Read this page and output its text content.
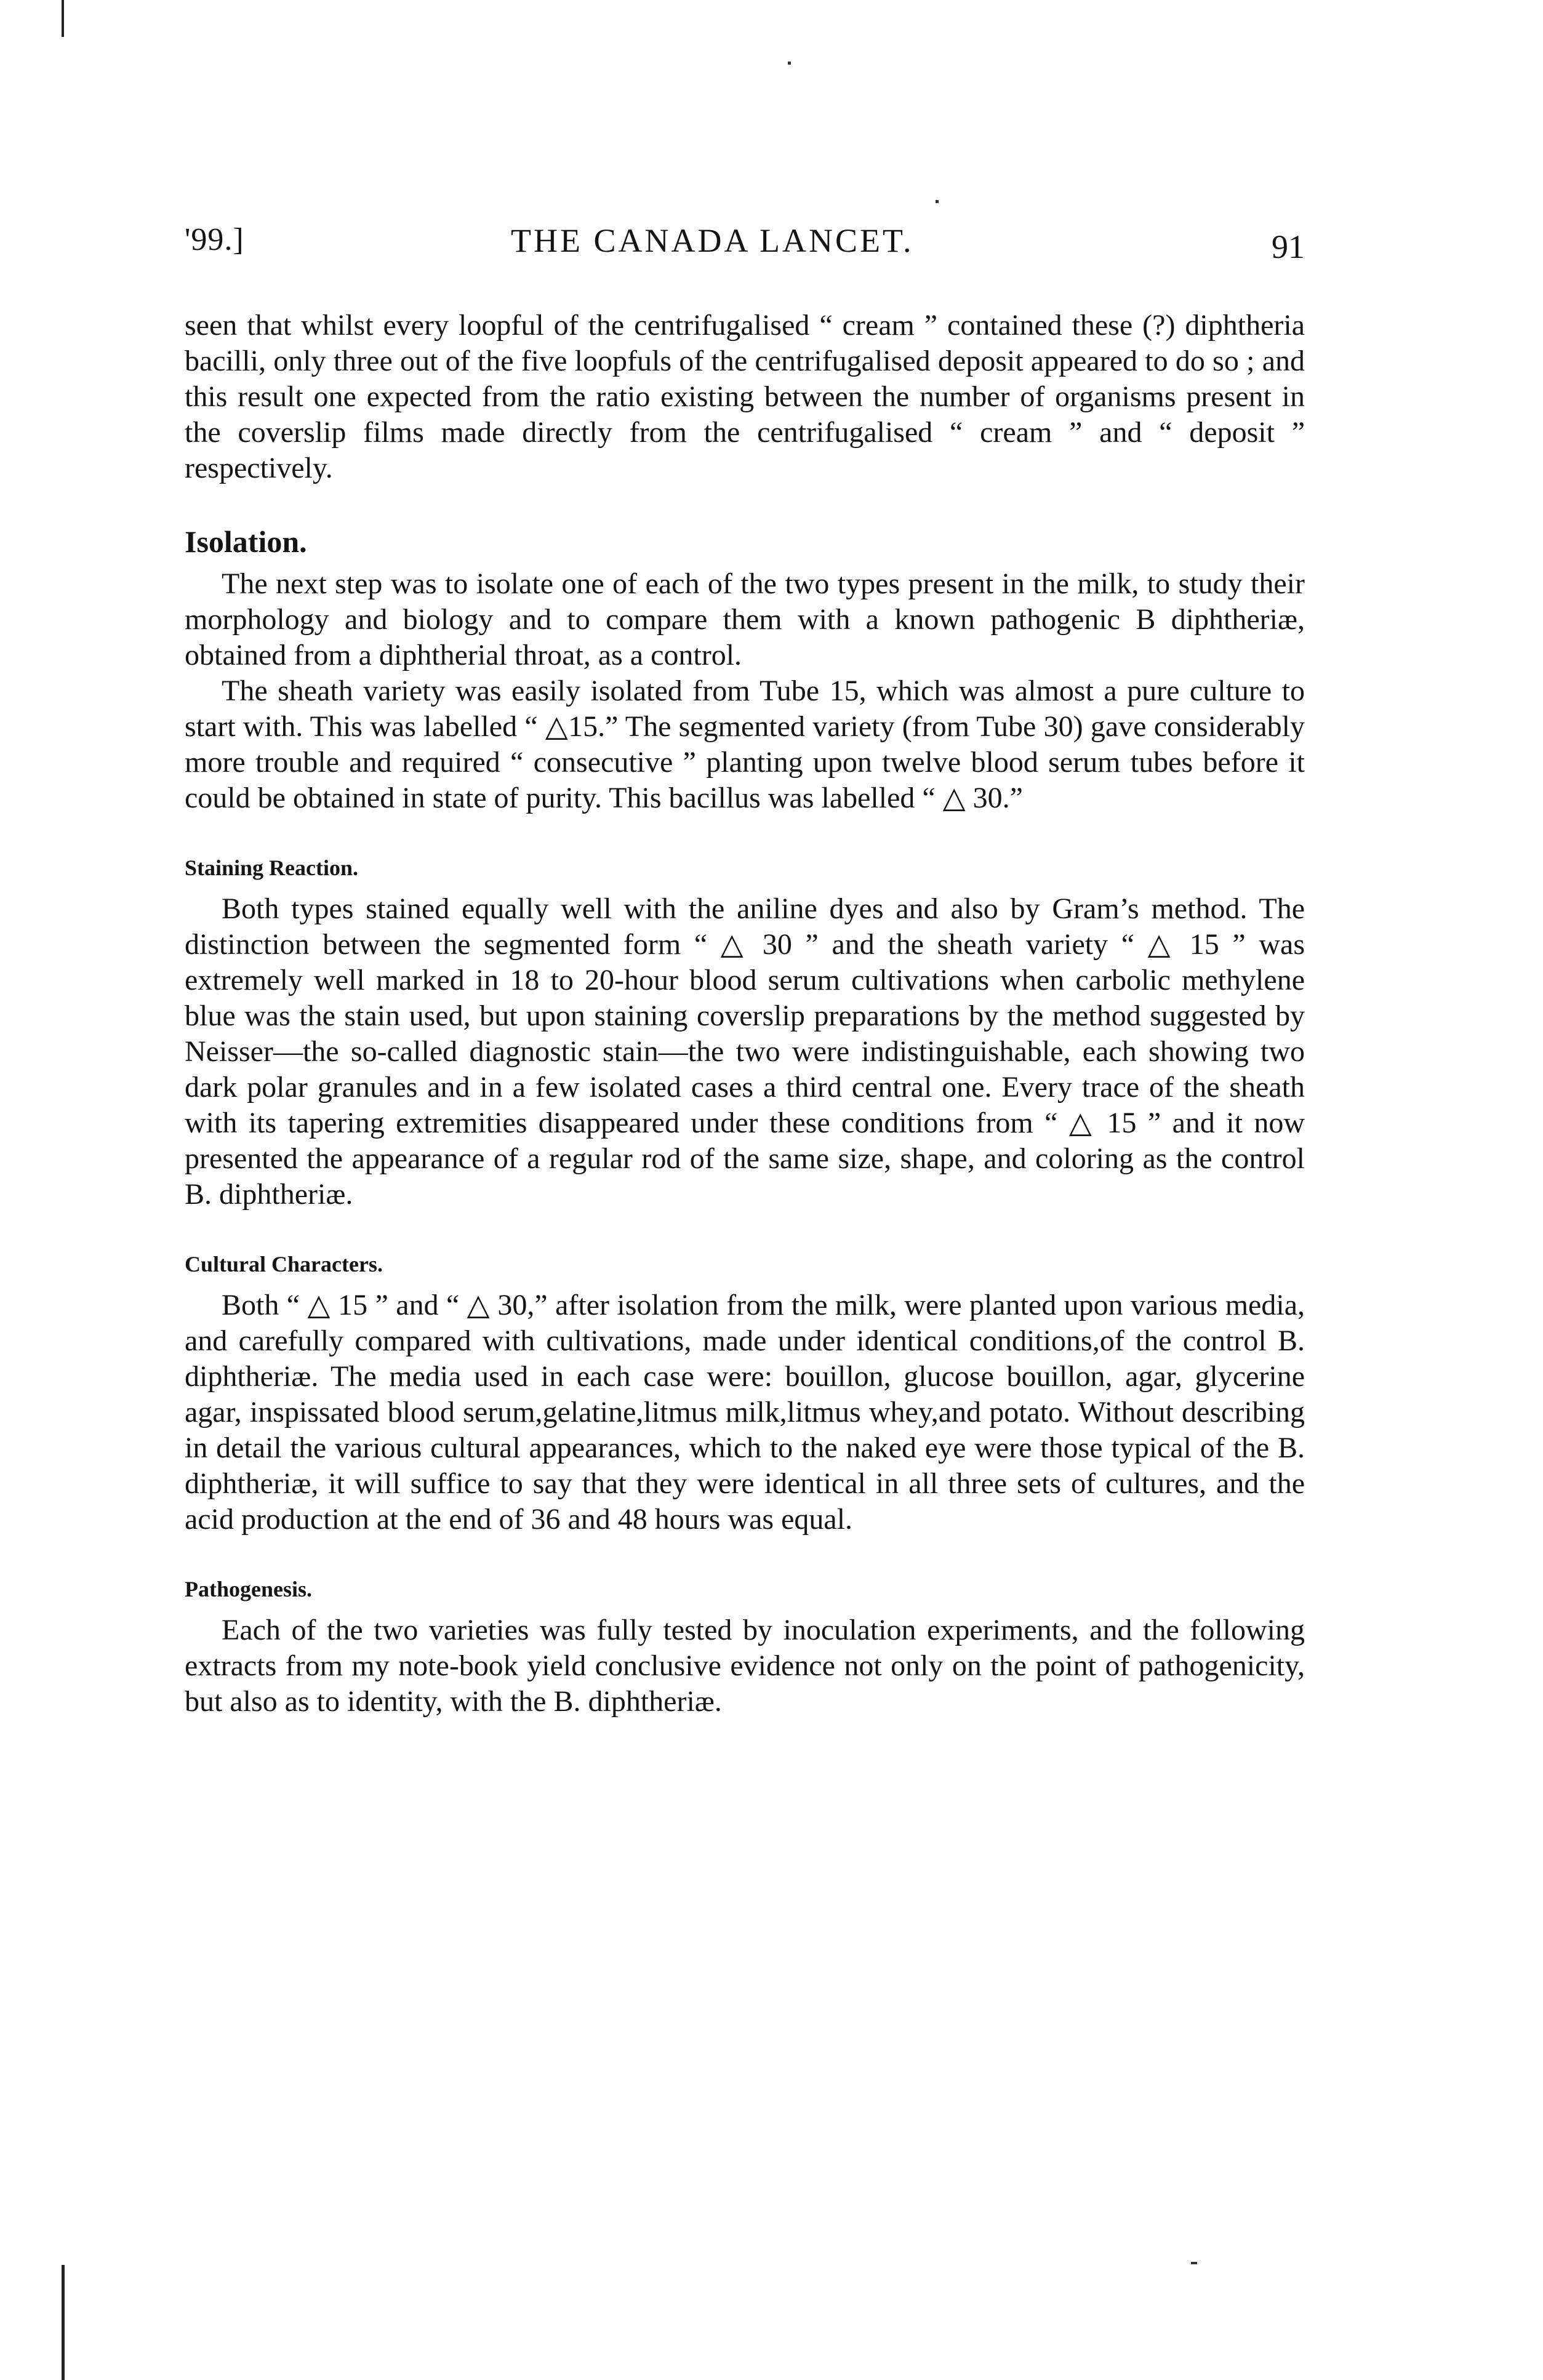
'99.]	THE CANADA LANCET.	91

seen that whilst every loopful of the centrifugalised “ cream ” contained these (?) diphtheria bacilli, only three out of the five loopfuls of the centrifugalised deposit appeared to do so ; and this result one expected from the ratio existing between the number of organisms present in the coverslip films made directly from the centrifugalised “ cream ” and “ deposit ” respectively.

Isolation.

The next step was to isolate one of each of the two types present in the milk, to study their morphology and biology and to compare them with a known pathogenic B diphtheriæ, obtained from a diphtherial throat, as a control.

The sheath variety was easily isolated from Tube 15, which was almost a pure culture to start with. This was labelled “ △15.” The segmented variety (from Tube 30) gave considerably more trouble and required “ consecutive ” planting upon twelve blood serum tubes before it could be obtained in state of purity. This bacillus was labelled “ △ 30.”

Staining Reaction.

Both types stained equally well with the aniline dyes and also by Gram’s method. The distinction between the segmented form “ △ 30 ” and the sheath variety “ △ 15 ” was extremely well marked in 18 to 20-hour blood serum cultivations when carbolic methylene blue was the stain used, but upon staining coverslip preparations by the method suggested by Neisser—the so-called diagnostic stain—the two were indistinguishable, each showing two dark polar granules and in a few isolated cases a third central one. Every trace of the sheath with its tapering extremities disappeared under these conditions from “ △ 15 ” and it now presented the appearance of a regular rod of the same size, shape, and coloring as the control B. diphtheriæ.

Cultural Characters.

Both “ △ 15 ” and “ △ 30,” after isolation from the milk, were planted upon various media, and carefully compared with cultivations, made under identical conditions,of the control B. diphtheriæ. The media used in each case were: bouillon, glucose bouillon, agar, glycerine agar, inspissated blood serum,gelatine,litmus milk,litmus whey,and potato. Without describing in detail the various cultural appearances, which to the naked eye were those typical of the B. diphtheriæ, it will suffice to say that they were identical in all three sets of cultures, and the acid production at the end of 36 and 48 hours was equal.

Pathogenesis.

Each of the two varieties was fully tested by inoculation experiments, and the following extracts from my note-book yield conclusive evidence not only on the point of pathogenicity, but also as to identity, with the B. diphtheriæ.
